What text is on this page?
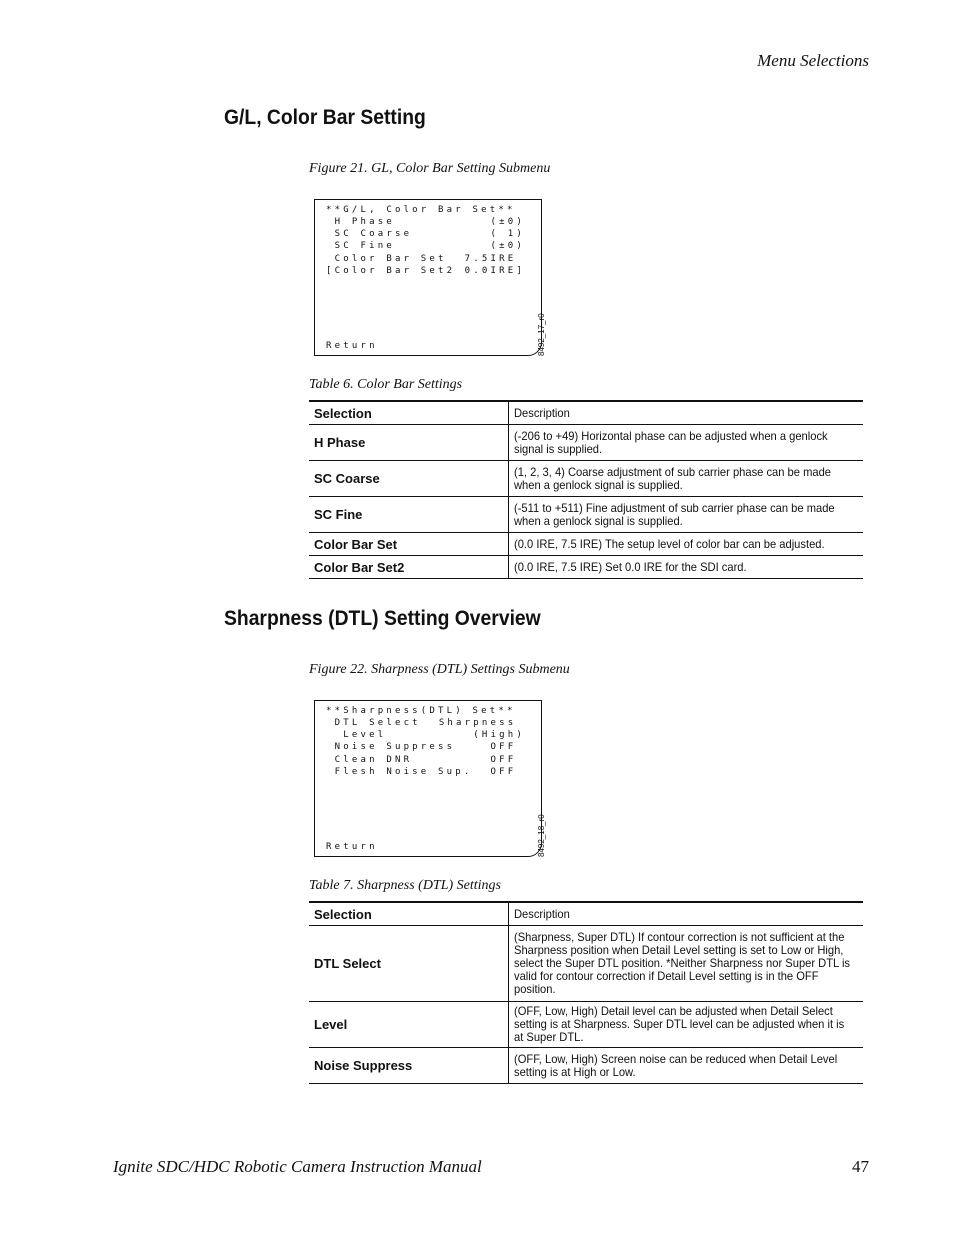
Menu Selections
G/L, Color Bar Setting
Figure 21. GL, Color Bar Setting Submenu
**G/L, Color Bar Set**
H Phase	(±0)
SC Coarse	( 1)
SC Fine	(±0)
Color Bar Set 7.5IRE
[Color Bar Set2 0.0IRE]
Return	8492_17_r0
Table 6. Color Bar Settings
Selection	Description
H Phase	(-206 to +49) Horizontal phase can be adjusted when a genlock signal is supplied.
SC Coarse	(1, 2, 3, 4) Coarse adjustment of sub carrier phase can be made when a genlock signal is supplied.
SC Fine	(-511 to +511) Fine adjustment of sub carrier phase can be made when a genlock signal is supplied.
Color Bar Set	(0.0 IRE, 7.5 IRE) The setup level of color bar can be adjusted.
Color Bar Set2	(0.0 IRE, 7.5 IRE) Set 0.0 IRE for the SDI card.
Sharpness (DTL) Setting Overview
Figure 22. Sharpness (DTL) Settings Submenu
**Sharpness(DTL) Set**
DTL Select Sharpness
Level	(High)
Noise Suppress	OFF
Clean DNR	OFF
Flesh Noise Sup. OFF
Return	8492_18_r0
Table 7. Sharpness (DTL) Settings
Selection	Description
DTL Select	(Sharpness, Super DTL) If contour correction is not sufficient at the Sharpness position when Detail Level setting is set to Low or High, select the Super DTL position. *Neither Sharpness nor Super DTL is valid for contour correction if Detail Level setting is in the OFF position.
Level	(OFF, Low, High) Detail level can be adjusted when Detail Select setting is at Sharpness. Super DTL level can be adjusted when it is at Super DTL.
Noise Suppress	(OFF, Low, High) Screen noise can be reduced when Detail Level setting is at High or Low.
Ignite SDC/HDC Robotic Camera Instruction Manual	47
